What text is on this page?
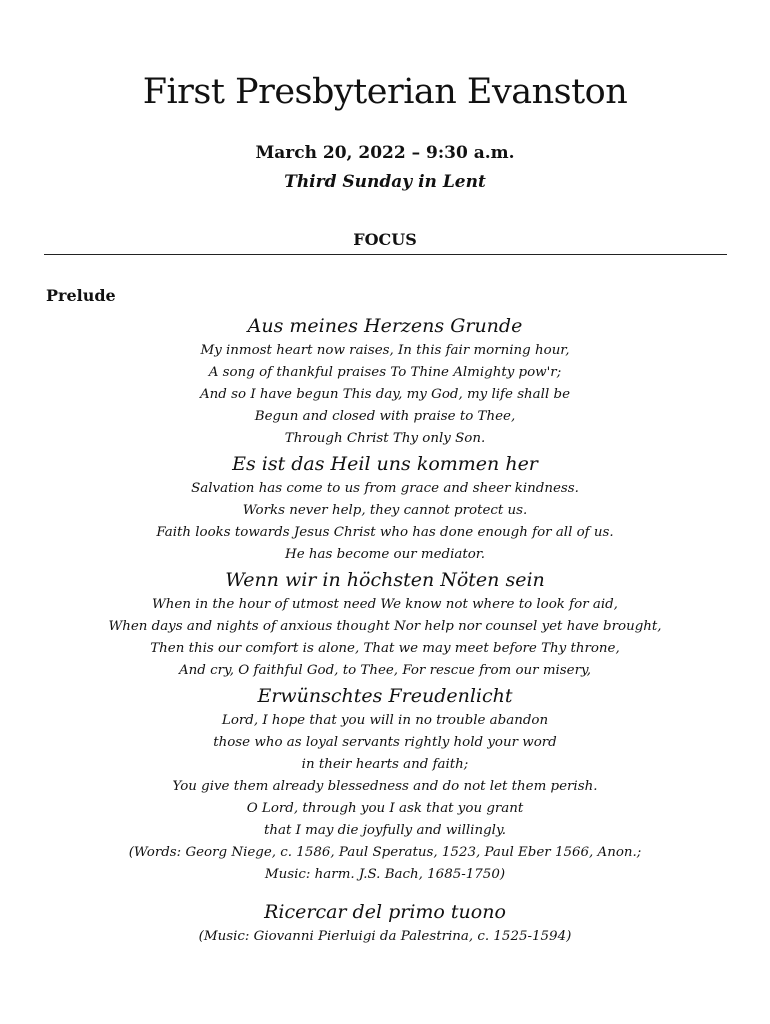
First Presbyterian Evanston
March 20, 2022 – 9:30 a.m.
Third Sunday in Lent
FOCUS
Prelude

Aus meines Herzens Grunde

My inmost heart now raises, In this fair morning hour,

A song of thankful praises To Thine Almighty pow'r;

And so I have begun This day, my God, my life shall be

Begun and closed with praise to Thee,

Through Christ Thy only Son.

Es ist das Heil uns kommen her

Salvation has come to us from grace and sheer kindness.

Works never help, they cannot protect us.

Faith looks towards Jesus Christ who has done enough for all of us.

He has become our mediator.

Wenn wir in höchsten Nöten sein

When in the hour of utmost need We know not where to look for aid,

When days and nights of anxious thought Nor help nor counsel yet have brought,

Then this our comfort is alone, That we may meet before Thy throne,

And cry, O faithful God, to Thee, For rescue from our misery,

Erwünschtes Freudenlicht

Lord, I hope that you will in no trouble abandon

those who as loyal servants rightly hold your word

in their hearts and faith;

You give them already blessedness and do not let them perish.

O Lord, through you I ask that you grant

that I may die joyfully and willingly.

(Words: Georg Niege, c. 1586, Paul Speratus, 1523, Paul Eber 1566, Anon.;

Music: harm. J.S. Bach, 1685-1750)

Ricercar del primo tuono

(Music: Giovanni Pierluigi da Palestrina, c. 1525-1594)
